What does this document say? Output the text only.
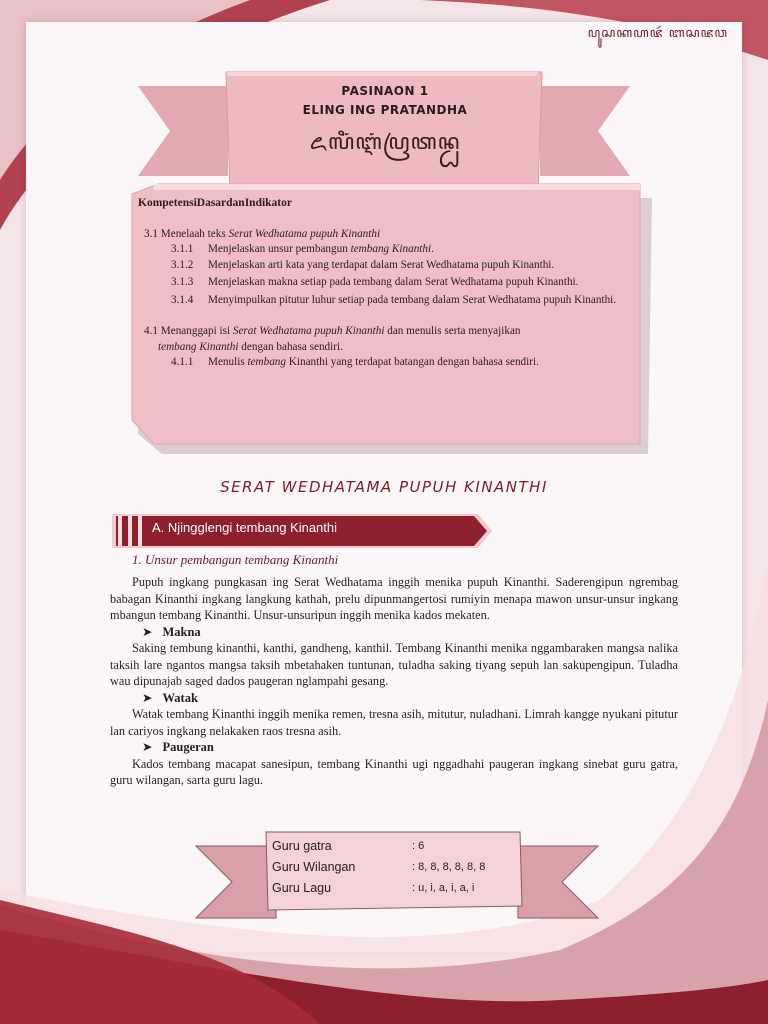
ꦥꦸꦱꦏꦲꦗꦂ ꦧꦱꦗꦮ
PASINAON 1
ELING ING PRATANDHA
ꦌꦭꦶꦁꦆꦁꦥꦿꦠꦤ꧀ꦝ
KompetensiDasardanIndikator
3.1 Menelaah teks Serat Wedhatama pupuh Kinanthi
3.1.1 Menjelaskan unsur pembangun tembang Kinanthi.
3.1.2 Menjelaskan arti kata yang terdapat dalam Serat Wedhatama pupuh Kinanthi.
3.1.3 Menjelaskan makna setiap pada tembang dalam Serat Wedhatama pupuh Kinanthi.
3.1.4 Menyimpulkan pitutur luhur setiap pada tembang dalam Serat Wedhatama pupuh Kinanthi.
4.1 Menanggapi isi Serat Wedhatama pupuh Kinanthi dan menulis serta menyajikan
tembang Kinanthi dengan bahasa sendiri.
4.1.1 Menulis tembang Kinanthi yang terdapat batangan dengan bahasa sendiri.
SERAT WEDHATAMA PUPUH KINANTHI
A. Njingglengi tembang Kinanthi
1. Unsur pembangun tembang Kinanthi

Pupuh ingkang pungkasan ing Serat Wedhatama inggih menika pupuh Kinanthi. Saderengipun ngrembag babagan Kinanthi ingkang langkung kathah, prelu dipunmangertosi rumiyin menapa mawon unsur-unsur ingkang mbangun tembang Kinanthi. Unsur-unsuripun inggih menika kados mekaten.

➤ Makna

Saking tembung kinanthi, kanthi, gandheng, kanthil. Tembang Kinanthi menika nggambaraken mangsa nalika taksih lare ngantos mangsa taksih mbetahaken tuntunan, tuladha saking tiyang sepuh lan sakupengipun. Tuladha wau dipunajab saged dados paugeran nglampahi gesang.

➤ Watak

Watak tembang Kinanthi inggih menika remen, tresna asih, mitutur, nuladhani. Limrah kangge nyukani pitutur lan cariyos ingkang nelakaken raos tresna asih.

➤ Paugeran

Kados tembang macapat sanesipun, tembang Kinanthi ugi nggadhahi paugeran ingkang sinebat guru gatra, guru wilangan, sarta guru lagu.

Guru gatra	: 6
Guru Wilangan	: 8, 8, 8, 8, 8, 8
Guru Lagu	: u, i, a, i, a, i
